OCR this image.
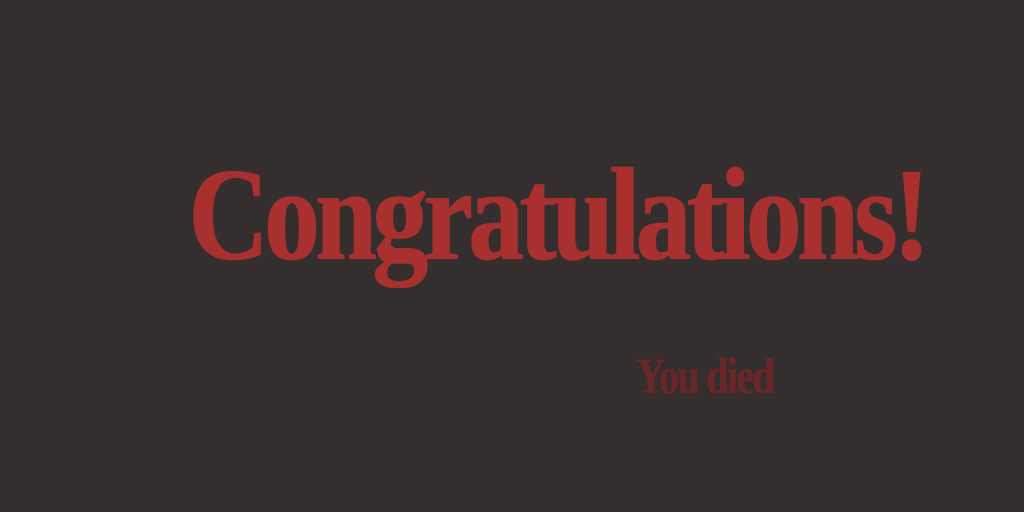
Congratulations!

You died
